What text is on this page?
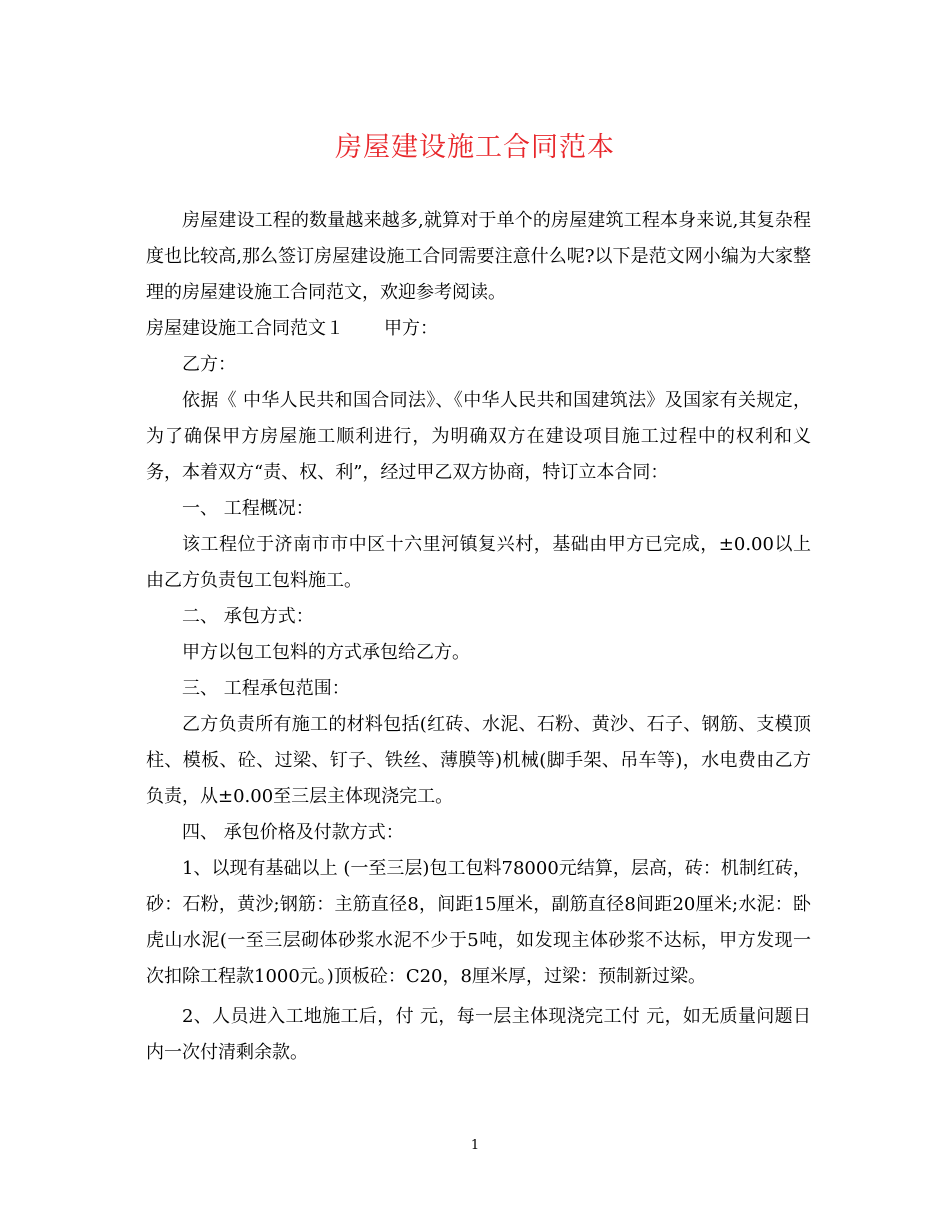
房屋建设施工合同范本

房屋建设工程的数量越来越多,就算对于单个的房屋建筑工程本身来说,其复杂程度也比较高,那么签订房屋建设施工合同需要注意什么呢?以下是范文网小编为大家整理的房屋建设施工合同范文，欢迎参考阅读。

房屋建设施工合同范文１ 甲方：

乙方：

依据《 中华人民共和国合同法》、《中华人民共和国建筑法》及国家有关规定，为了确保甲方房屋施工顺利进行，为明确双方在建设项目施工过程中的权利和义务，本着双方“责、权、利”，经过甲乙双方协商，特订立本合同：

一、 工程概况：

该工程位于济南市市中区十六里河镇复兴村，基础由甲方已完成，±0.00以上由乙方负责包工包料施工。

二、 承包方式：

甲方以包工包料的方式承包给乙方。

三、 工程承包范围：

乙方负责所有施工的材料包括(红砖、水泥、石粉、黄沙、石子、钢筋、支模顶柱、模板、砼、过梁、钉子、铁丝、薄膜等)机械(脚手架、吊车等)，水电费由乙方负责，从±0.00至三层主体现浇完工。

四、 承包价格及付款方式：

1、以现有基础以上 (一至三层)包工包料78000元结算，层高，砖：机制红砖，砂：石粉，黄沙;钢筋：主筋直径8，间距15厘米，副筋直径8间距20厘米;水泥：卧虎山水泥(一至三层砌体砂浆水泥不少于5吨，如发现主体砂浆不达标，甲方发现一次扣除工程款1000元。)顶板砼：C20，8厘米厚，过梁：预制新过梁。

2、人员进入工地施工后，付 元，每一层主体现浇完工付 元，如无质量问题日内一次付清剩余款。

1
